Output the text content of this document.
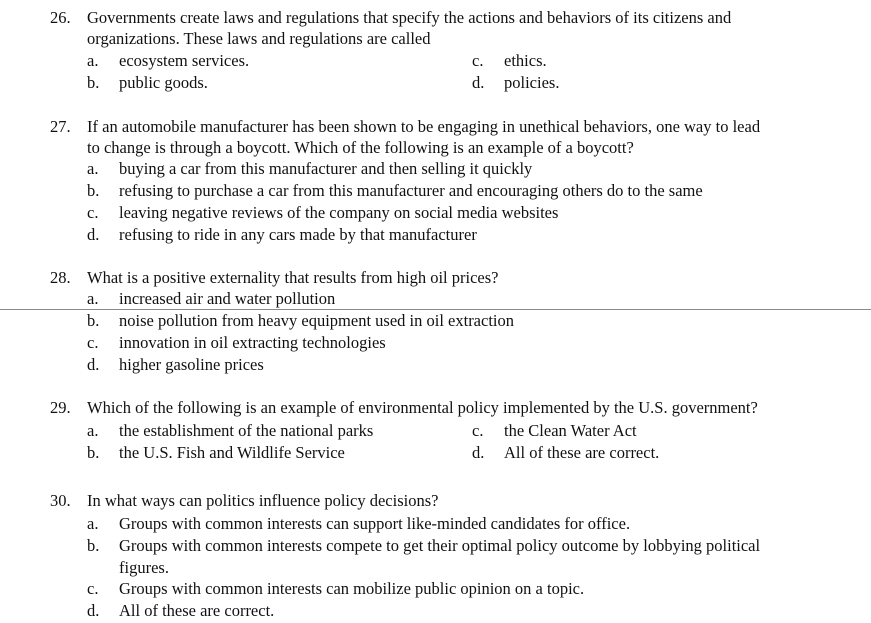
26. Governments create laws and regulations that specify the actions and behaviors of its citizens and
organizations. These laws and regulations are called
a. ecosystem services.
b. public goods.
c. ethics.
d. policies.
27. If an automobile manufacturer has been shown to be engaging in unethical behaviors, one way to lead
to change is through a boycott. Which of the following is an example of a boycott?
a. buying a car from this manufacturer and then selling it quickly
b. refusing to purchase a car from this manufacturer and encouraging others do to the same
c. leaving negative reviews of the company on social media websites
d. refusing to ride in any cars made by that manufacturer
28. What is a positive externality that results from high oil prices?
a. increased air and water pollution
b. noise pollution from heavy equipment used in oil extraction
c. innovation in oil extracting technologies
d. higher gasoline prices
29. Which of the following is an example of environmental policy implemented by the U.S. government?
a. the establishment of the national parks
b. the U.S. Fish and Wildlife Service
c. the Clean Water Act
d. All of these are correct.
30. In what ways can politics influence policy decisions?
a. Groups with common interests can support like-minded candidates for office.
b. Groups with common interests compete to get their optimal policy outcome by lobbying political figures.
c. Groups with common interests can mobilize public opinion on a topic.
d. All of these are correct.
